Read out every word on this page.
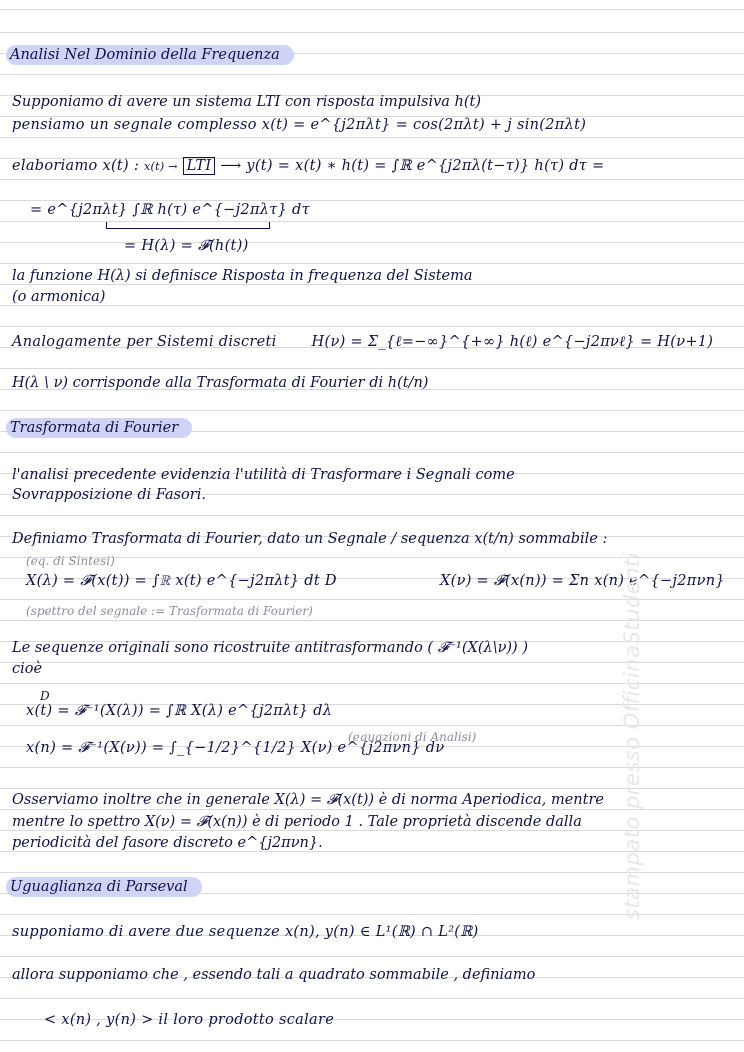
Analisi Nel Dominio della Frequenza
Supponiamo di avere un sistema LTI con risposta impulsiva h(t)
pensiamo un segnale complesso x(t) = e^{j2πλt} = cos(2πλt) + j sin(2πλt)
elaboriamo x(t) : x(t) → LTI ⟶ y(t) = x(t) ∗ h(t) = ∫ℝ e^{j2πλ(t−τ)} h(τ) dτ =
= e^{j2πλt} ∫ℝ h(τ) e^{−j2πλτ} dτ
= H(λ) = 𝓕(h(t))
la funzione H(λ) si definisce Risposta in frequenza del Sistema
(o armonica)
Analogamente per Sistemi discreti H(ν) = Σ_{ℓ=−∞}^{+∞} h(ℓ) e^{−j2πνℓ} = H(ν+1)
H(λ \ ν) corrisponde alla Trasformata di Fourier di h(t/n)
Trasformata di Fourier
l'analisi precedente evidenzia l'utilità di Trasformare i Segnali come
Sovrapposizione di Fasori.
Definiamo Trasformata di Fourier, dato un Segnale / sequenza x(t/n) sommabile :
(eq. di Sintesi)
X(λ) = 𝓕(x(t)) = ∫ℝ x(t) e^{−j2πλt} dt D	X(ν) = 𝓕(x(n)) = Σn x(n) e^{−j2πνn}
(spettro del segnale := Trasformata di Fourier)
Le sequenze originali sono ricostruite antitrasformando ( 𝓕⁻¹(X(λ\ν)) )
cioè
D
x(t) = 𝓕⁻¹(X(λ)) = ∫ℝ X(λ) e^{j2πλt} dλ
x(n) = 𝓕⁻¹(X(ν)) = ∫_{−1/2}^{1/2} X(ν) e^{j2πνn} dν
(equazioni di Analisi)
Osserviamo inoltre che in generale X(λ) = 𝓕(x(t)) è di norma Aperiodica, mentre
mentre lo spettro X(ν) = 𝓕(x(n)) è di periodo 1 . Tale proprietà discende dalla
periodicità del fasore discreto e^{j2πνn}.
Uguaglianza di Parseval
supponiamo di avere due sequenze x(n), y(n) ∈ L¹(ℝ) ∩ L²(ℝ)
allora supponiamo che , essendo tali a quadrato sommabile , definiamo
< x(n) , y(n) > il loro prodotto scalare
stampato presso OfficinaStudenti
